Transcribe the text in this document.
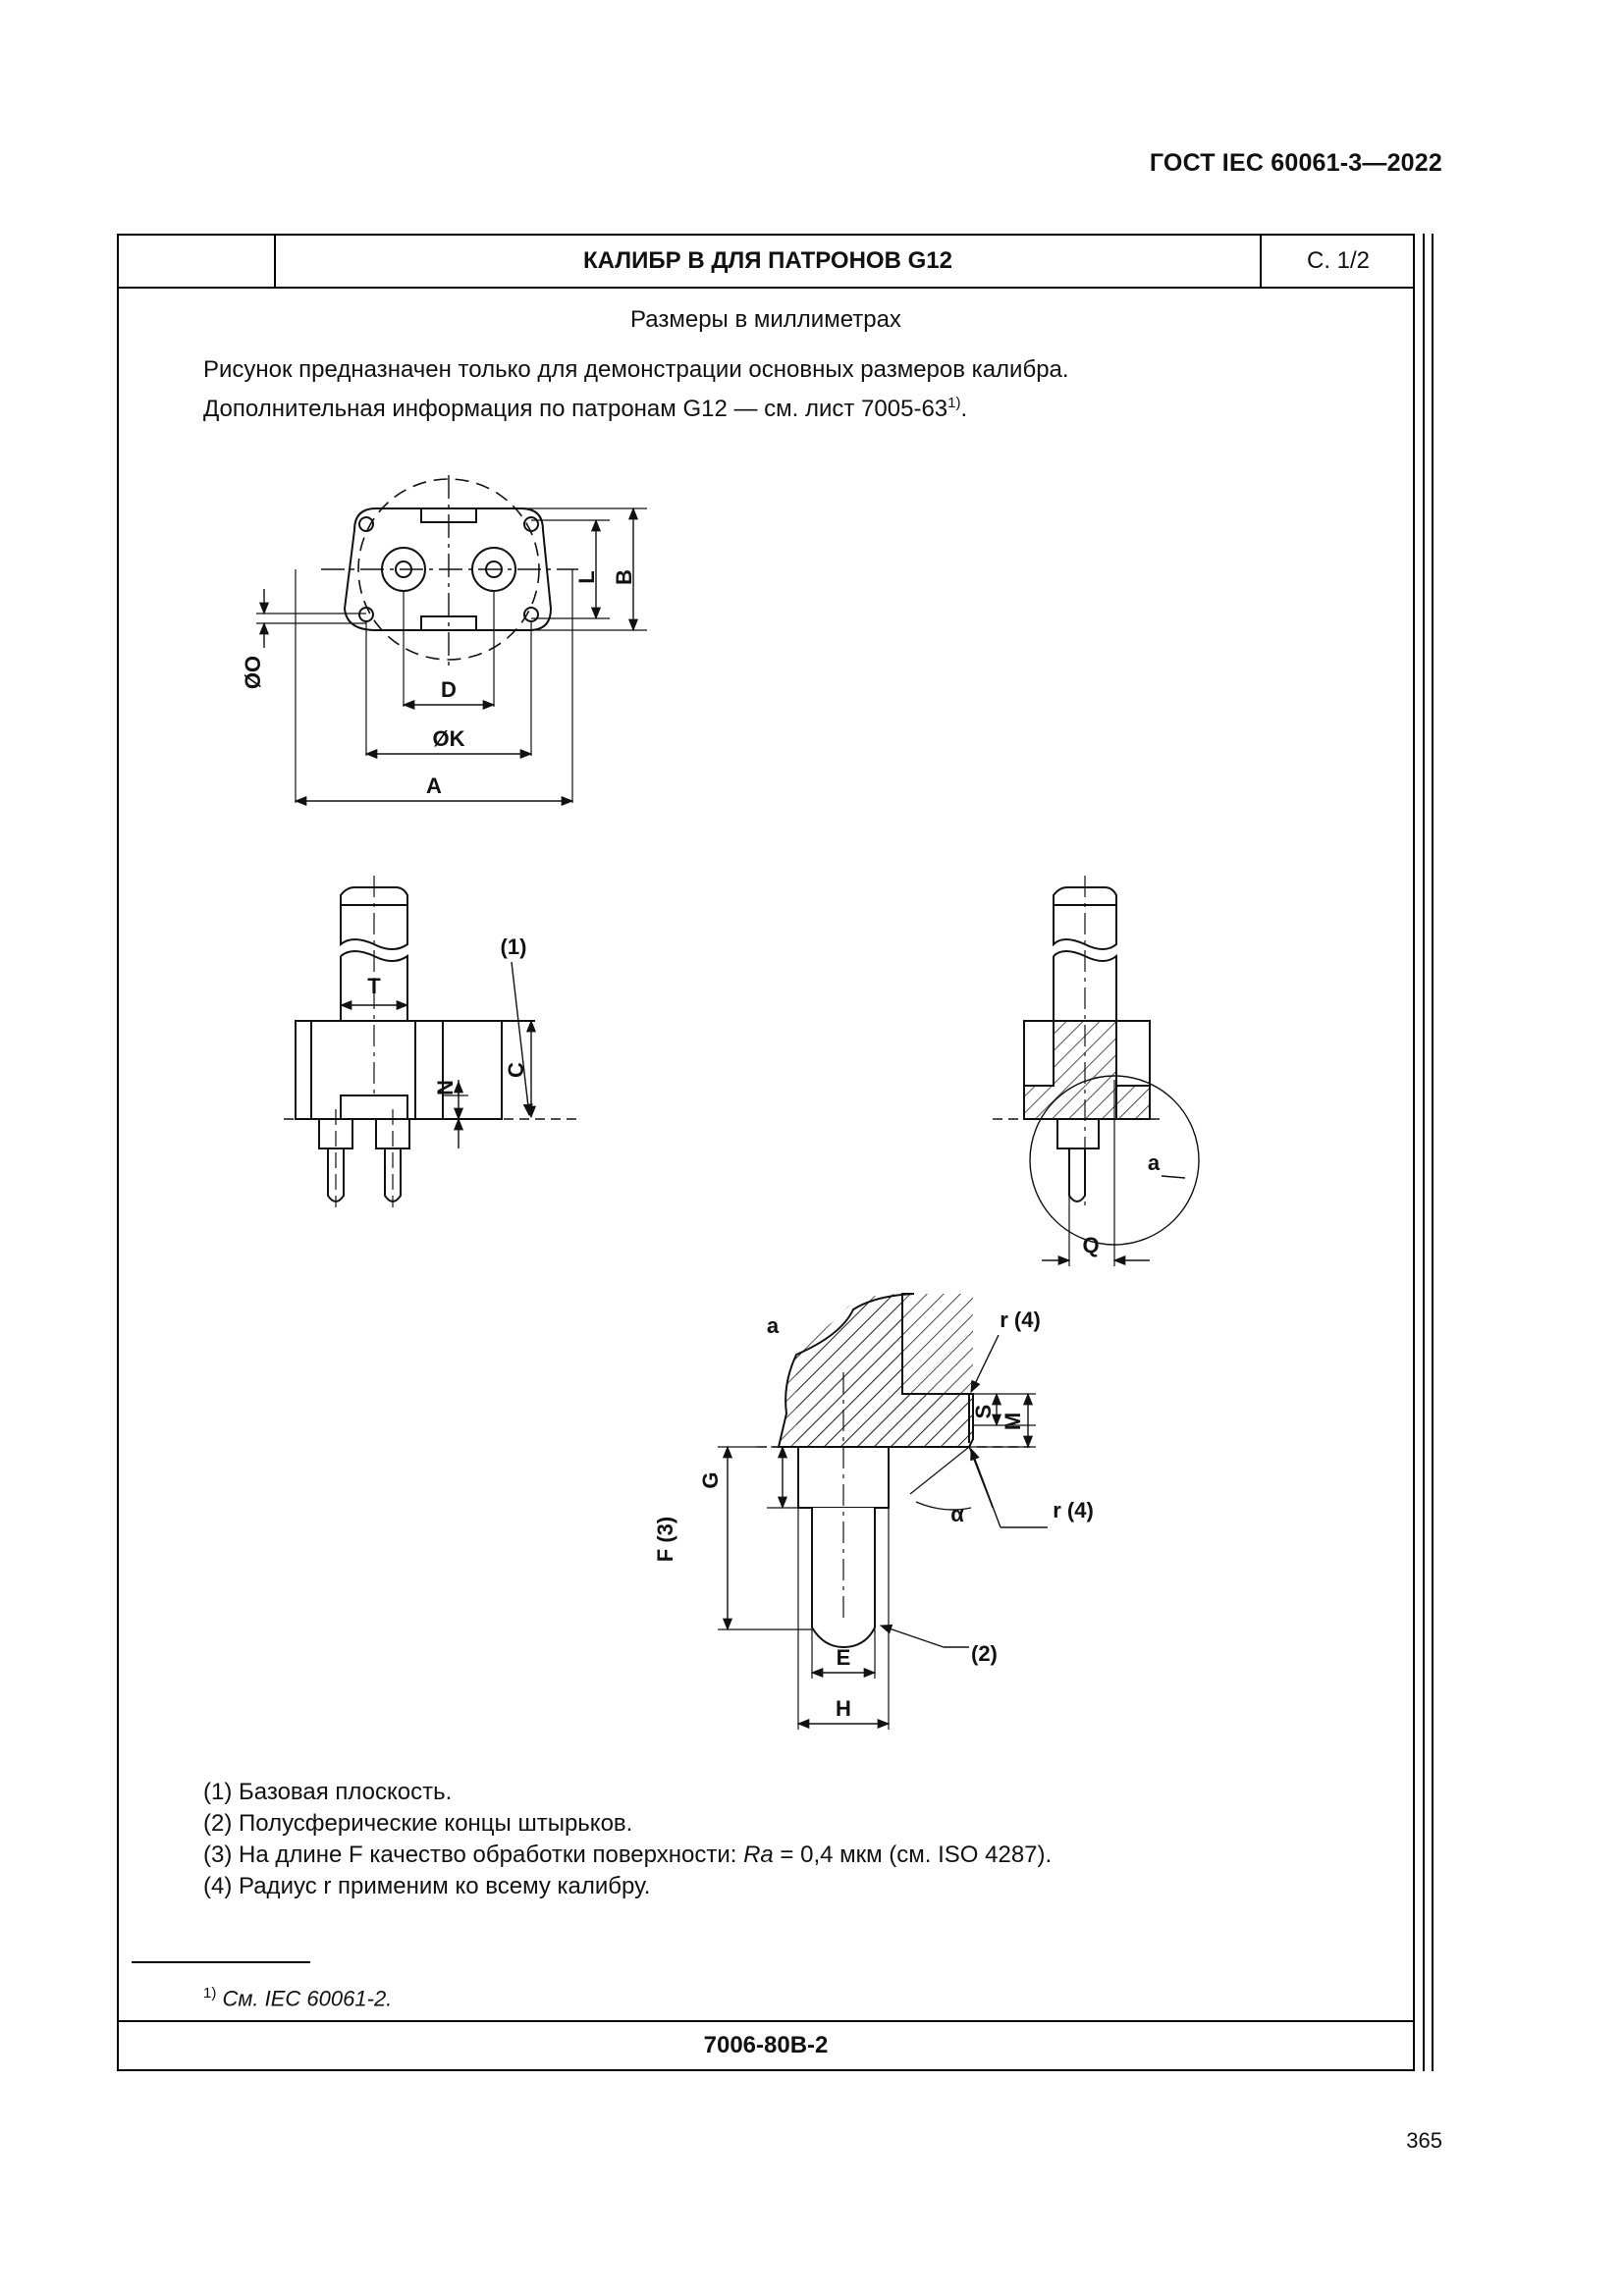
ГОСТ IEC 60061-3—2022
КАЛИБР В ДЛЯ ПАТРОНОВ G12	С. 1/2
Размеры в миллиметрах
Рисунок предназначен только для демонстрации основных размеров калибра.
Дополнительная информация по патронам G12 — см. лист 7005-63$^{1)}$.
L B
ØO
D
ØK
A
T
N
C
(1)
a
Q
a	r (4)
S
M
G
F (3)
α	r (4)
E
H
(2)
(1) Базовая плоскость.
(2) Полусферические концы штырьков.
(3) На длине F качество обработки поверхности: Ra = 0,4 мкм (см. ISO 4287).
(4) Радиус r применим ко всему калибру.
$^{1)}$ См. IEC 60061-2.
7006-80B-2
365
